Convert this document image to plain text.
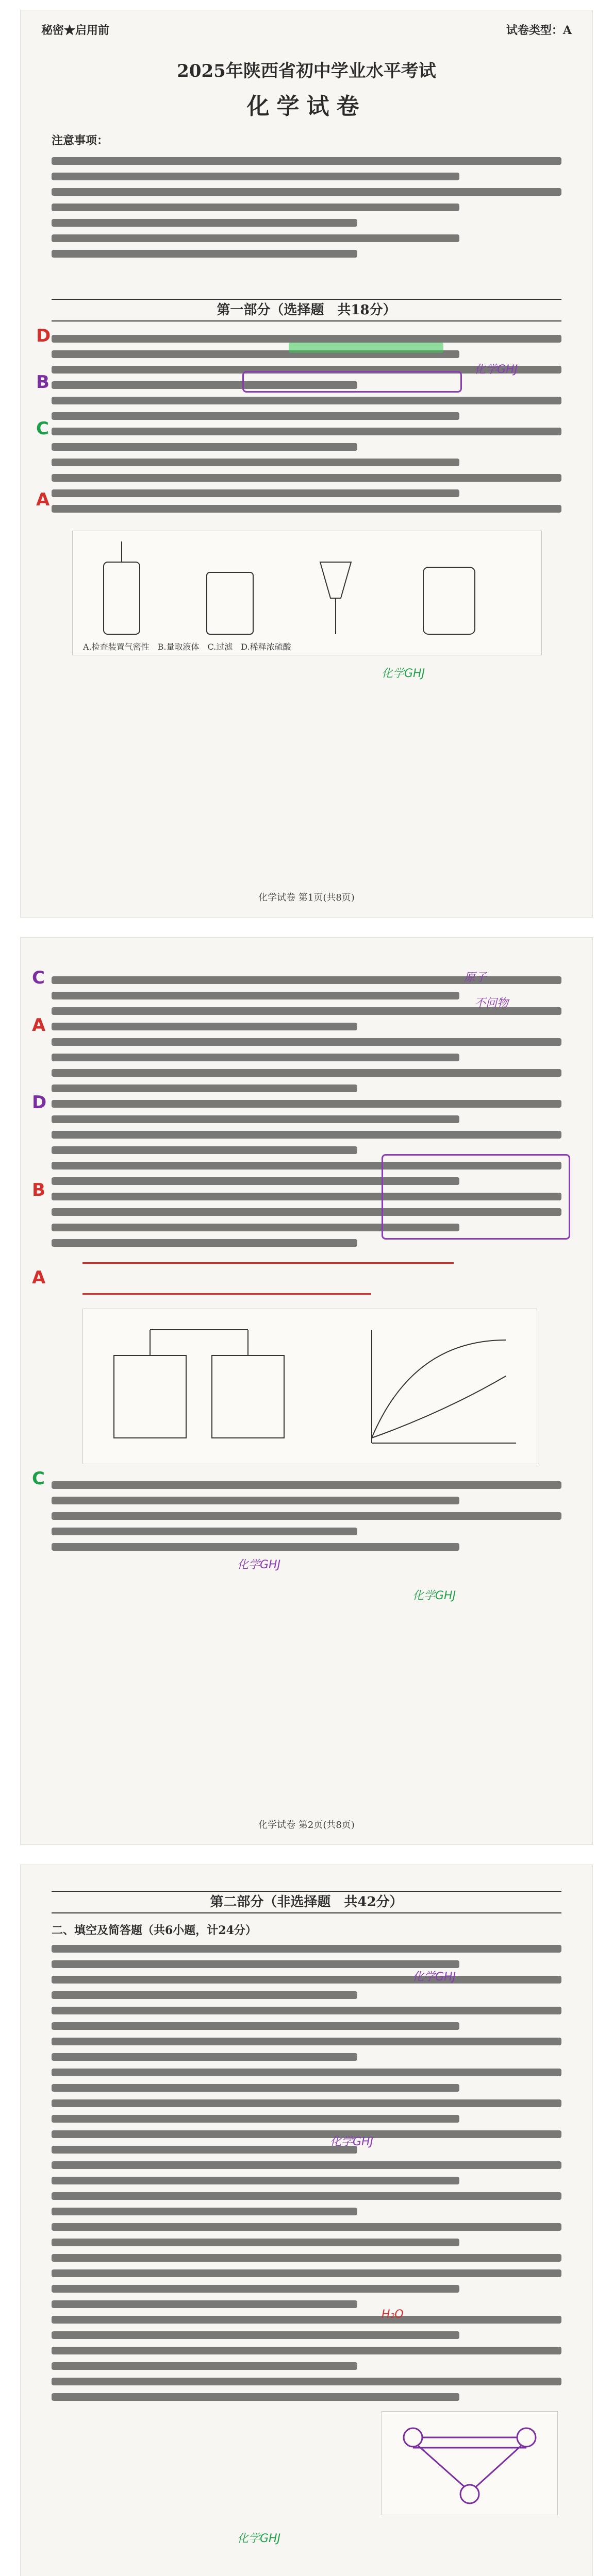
秘密★启用前	试卷类型：A
2025年陕西省初中学业水平考试
化学试卷
注意事项：
第一部分（选择题　共18分）
D
B
C
A
化学GHJ
A.检查装置气密性　B.量取液体　C.过滤　D.稀释浓硫酸
化学GHJ
化学试卷 第1页(共8页)
C
A
D
B
A
原子
不问物
C
化学GHJ
化学GHJ
化学试卷 第2页(共8页)
第二部分（非选择题　共42分）
二、填空及简答题（共6小题，计24分）
化学GHJ
化学GHJ
H₂O
化学GHJ
